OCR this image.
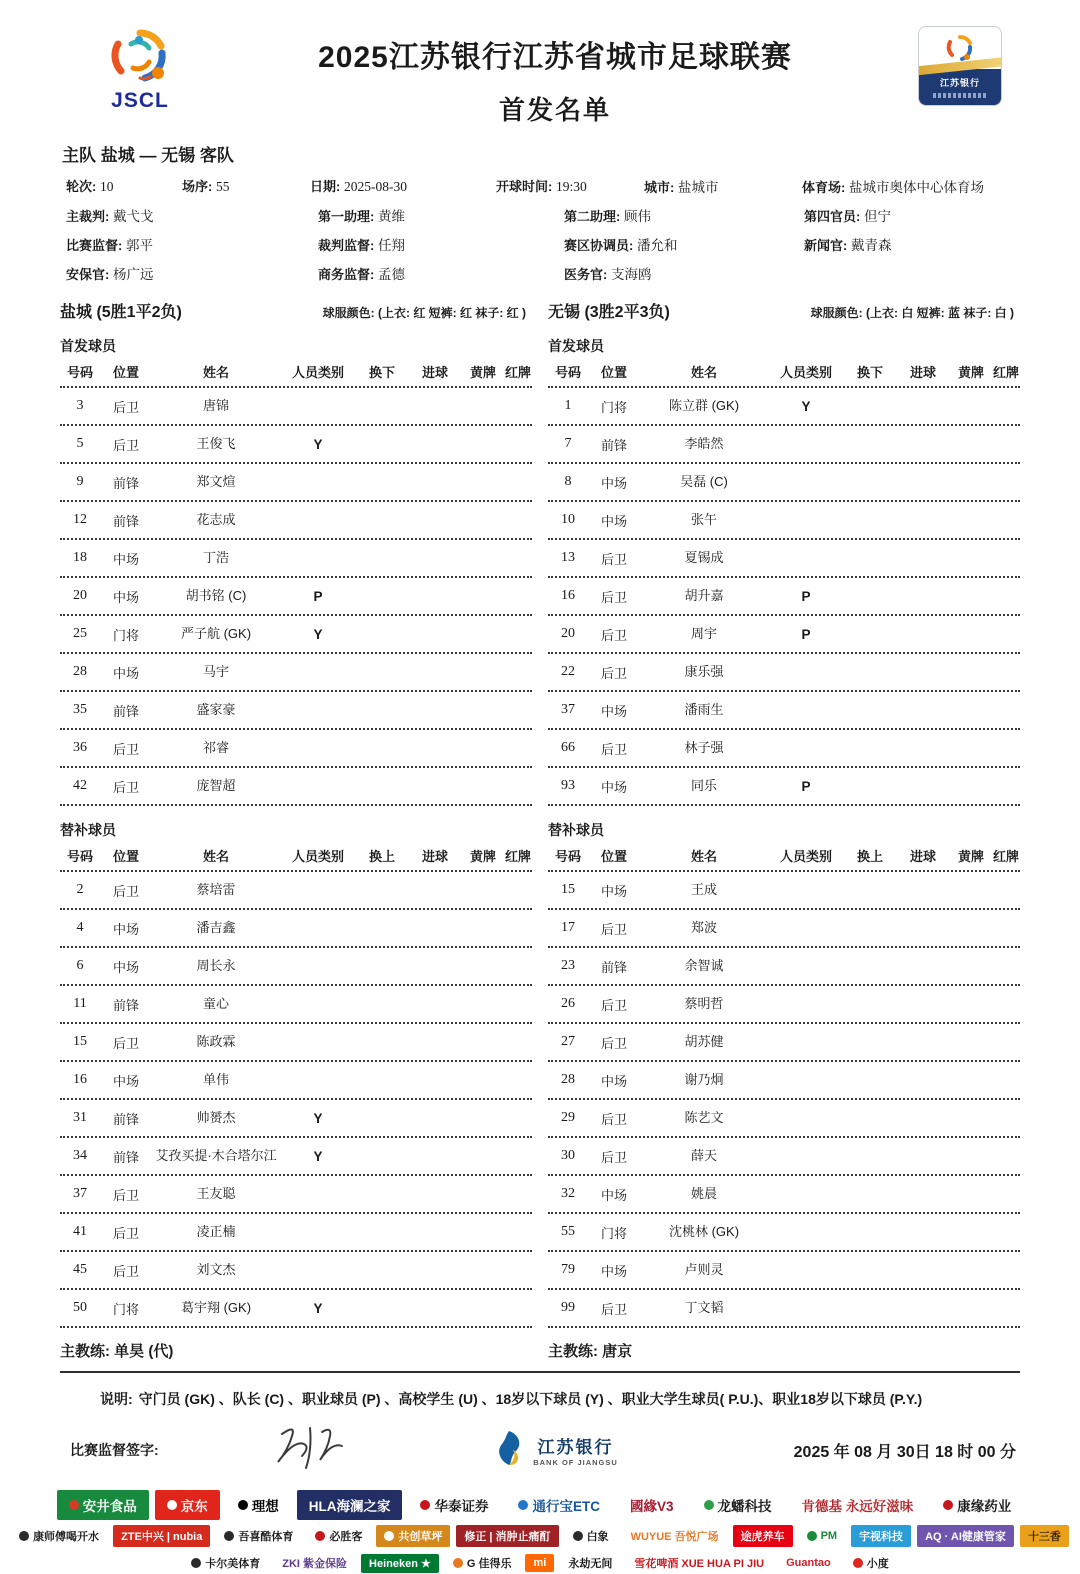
JSCL
2025江苏银行江苏省城市足球联赛
首发名单
江苏银行
主队 盐城 — 无锡 客队
轮次: 10	场序: 55	日期: 2025-08-30	开球时间: 19:30	城市: 盐城市	体育场: 盐城市奥体中心体育场
主裁判: 戴弋戈	第一助理: 黄维	第二助理: 顾伟	第四官员: 但宁
比赛监督: 郭平	裁判监督: 任翔	赛区协调员: 潘允和	新闻官: 戴青森
安保官: 杨广远	商务监督: 孟德	医务官: 支海鸥
盐城 (5胜1平2负)	球服颜色: (上衣: 红 短裤: 红 袜子: 红 )
首发球员
号码	位置	姓名	人员类别	换下	进球	黄牌 红牌
3	后卫	唐锦
5	后卫	王俊飞	Y
9	前锋	郑文煊
12	前锋	花志成
18	中场	丁浩
20	中场	胡书铭 (C)	P
25	门将	严子航 (GK)	Y
28	中场	马宇
35	前锋	盛家豪
36	后卫	祁睿
42	后卫	庞智超
替补球员
号码	位置	姓名	人员类别	换上	进球	黄牌 红牌
2	后卫	蔡培雷
4	中场	潘吉鑫
6	中场	周长永
11	前锋	童心
15	后卫	陈政霖
16	中场	单伟
31	前锋	帅赟杰	Y
34	前锋	艾孜买提·木合塔尔江	Y
37	后卫	王友聪
41	后卫	凌正楠
45	后卫	刘文杰
50	门将	葛宇翔 (GK)	Y
主教练: 单昊 (代)
无锡 (3胜2平3负)	球服颜色: (上衣: 白 短裤: 蓝 袜子: 白 )
首发球员
号码	位置	姓名	人员类别	换下	进球	黄牌 红牌
1	门将	陈立群 (GK)	Y
7	前锋	李皓然
8	中场	吴磊 (C)
10	中场	张午
13	后卫	夏锡成
16	后卫	胡升嘉	P
20	后卫	周宇	P
22	后卫	康乐强
37	中场	潘雨生
66	后卫	林子强
93	中场	同乐	P
替补球员
号码	位置	姓名	人员类别	换上	进球	黄牌 红牌
15	中场	王成
17	后卫	郑波
23	前锋	余智诚
26	后卫	蔡明哲
27	后卫	胡苏健
28	中场	谢乃炯
29	后卫	陈艺文
30	后卫	薛天
32	中场	姚晨
55	门将	沈桃林 (GK)
79	中场	卢则灵
99	后卫	丁文韬
主教练: 唐京
说明: 守门员 (GK) 、队长 (C) 、职业球员 (P) 、高校学生 (U) 、18岁以下球员 (Y) 、职业大学生球员( P.U.)、职业18岁以下球员 (P.Y.)
比赛监督签字:	江苏银行
BANK OF JIANGSU
2025 年 08 月 30日 18 时 00 分
安井食品	京东	理想 HLA海澜之家	华泰证券	通行宝ETC 國緣V3	龙蟠科技 肯德基 永远好滋味	康缘药业
康师傅喝开水 ZTE中兴 | nubia	吾喜酷体育	必胜客	共创草坪 修正 | 消肿止痛酊	白象 WUYUE 吾悦广场 途虎养车	PM 宇视科技 AQ · AI健康管家 十三香
卡尔美体育 ZKI 紫金保险 Heineken ★	G 佳得乐 mi 永劫无间 雪花啤酒 XUE HUA PI JIU Guantao	小度
